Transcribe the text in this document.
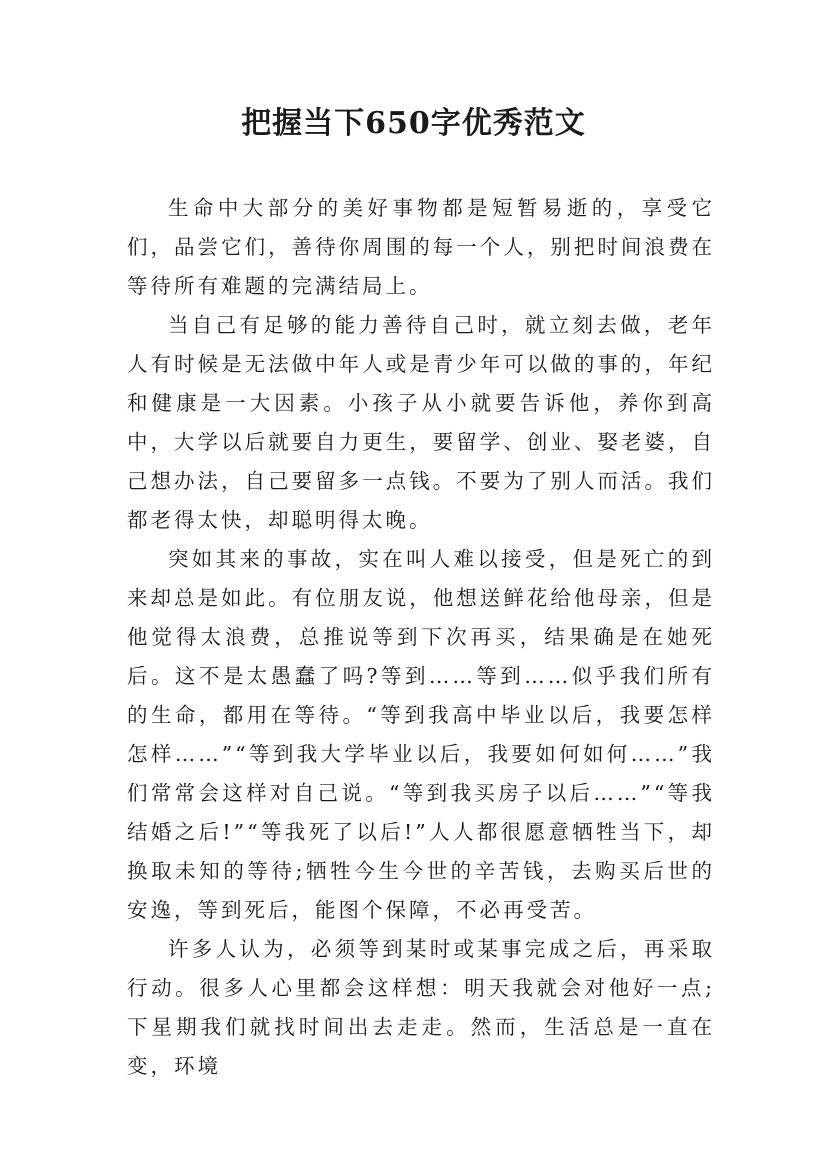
把握当下650字优秀范文

生命中大部分的美好事物都是短暂易逝的，享受它们，品尝它们，善待你周围的每一个人，别把时间浪费在等待所有难题的完满结局上。

当自己有足够的能力善待自己时，就立刻去做，老年人有时候是无法做中年人或是青少年可以做的事的，年纪和健康是一大因素。小孩子从小就要告诉他，养你到高中，大学以后就要自力更生，要留学、创业、娶老婆，自己想办法，自己要留多一点钱。不要为了别人而活。我们都老得太快，却聪明得太晚。

突如其来的事故，实在叫人难以接受，但是死亡的到来却总是如此。有位朋友说，他想送鲜花给他母亲，但是他觉得太浪费，总推说等到下次再买，结果确是在她死后。这不是太愚蠢了吗?等到……等到……似乎我们所有的生命，都用在等待。“等到我高中毕业以后，我要怎样怎样……”“等到我大学毕业以后，我要如何如何……”我们常常会这样对自己说。“等到我买房子以后……”“等我结婚之后!”“等我死了以后!”人人都很愿意牺牲当下，却换取未知的等待;牺牲今生今世的辛苦钱，去购买后世的安逸，等到死后，能图个保障，不必再受苦。

许多人认为，必须等到某时或某事完成之后，再采取行动。很多人心里都会这样想：明天我就会对他好一点;下星期我们就找时间出去走走。然而，生活总是一直在变，环境
